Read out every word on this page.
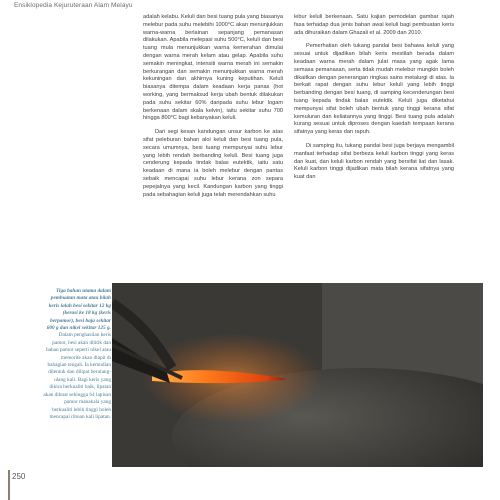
Ensiklopedia Kejuruteraan Alam Melayu

adalah kelabu. Keluli dan besi tuang pula yang biasanya melebur pada suhu melebihi 1000°C akan menunjukkan warna-warna berlainan sepanjang pemanasan dilakukan. Apabila melepasi suhu 500°C, keluli dan besi tuang mula menunjukkan warna kemerahan dimulai dengan warna merah kelam atau gelap. Apabila suhu semakin meningkat, intensiti warna merah ini semakin berkurangan dan semakin menunjukkan warna merah kekuningan dan akhirnya kuning keputihan. Keluli biasanya ditempa dalam keadaan kerja panas (hot working, yang bermaksud kerja ubah bentuk dilakukan pada suhu sekitar 60% daripada suhu lebur logam berkenaan dalam skala kelvin), iaitu sekitar suhu 700 hingga 800°C bagi kebanyakan keluli.

Dari segi kesan kandungan unsur karbon ke atas sifat peleburan bahan aloi keluli dan besi tuang pula, secara umumnya, besi tuang mempunyai suhu lebur yang lebih rendah berbanding keluli. Besi tuang juga cenderung kepada tindak balas eutektik, iaitu satu keadaan di mana ia boleh melebur dengan pantas sebaik mencapai suhu lebur kerana zon separa pepejalnya yang kecil. Kandungan karbon yang tinggi pada sebahagian keluli juga telah merendahkan suhu

lebur keluli berkenaan. Satu kajian pemodelan gambar rajah fasa terhadap dua jenis bahan awal keluli bagi pembuatan keris ada dihuraikan dalam Ghazali et al. 2009 dan 2010.

Pemerhatian oleh tukang pandai besi bahawa keluli yang sesuai untuk dijadikan bilah keris mestilah berada dalam keadaan warna merah dalam julat masa yang agak lama semasa pemanasan, serta tidak mudah melebur mungkin boleh dikaitkan dengan penerangan ringkas sains metalurgi di atas. Ia berkait rapat dengan suhu lebur keluli yang lebih tinggi berbanding dengan besi tuang, di samping kecenderungan besi tuang kepada tindak balas eutektik. Keluli juga diketahui mempunyai sifat boleh ubah bentuk yang tinggi kerana sifat kemuluran dan keliatannya yang tinggi. Besi tuang pula adalah kurang sesuai untuk diproses dengan kaedah tempaan kerana sifatnya yang keras dan rapuh.

Di samping itu, tukang pandai besi juga berjaya mengambil manfaat terhadap sifat berbeza keluli karbon tinggi yang keras dan kuat, dan keluli karbon rendah yang bersifat liat dan lasak. Keluli karbon tinggi dijadikan mata bilah kerana sifatnya yang kuat dan

Tiga bahan utama dalam pembuatan mata atau bilah keris ialah besi sekitar 12 kg (kerasi ke 18 kg (keris berpamor), besi baja sekitar 600 g dan nikel sekitar 125 g. Dalam penghasilan keris pamor, besi akan dititik dan bahan pamor seperti nikel atau meteorite akan diapit di bahagian tengah. Ia kemudian dilentuk dan dilipat berulang-ulang kali. Bagi keris yang dikira berkualiti baik, lipatan akan dibuat sehingga 64 lapisan pamor manakala yang berkualiti lebih tinggi boleh mencapai ribuan kali lipatan.
250
